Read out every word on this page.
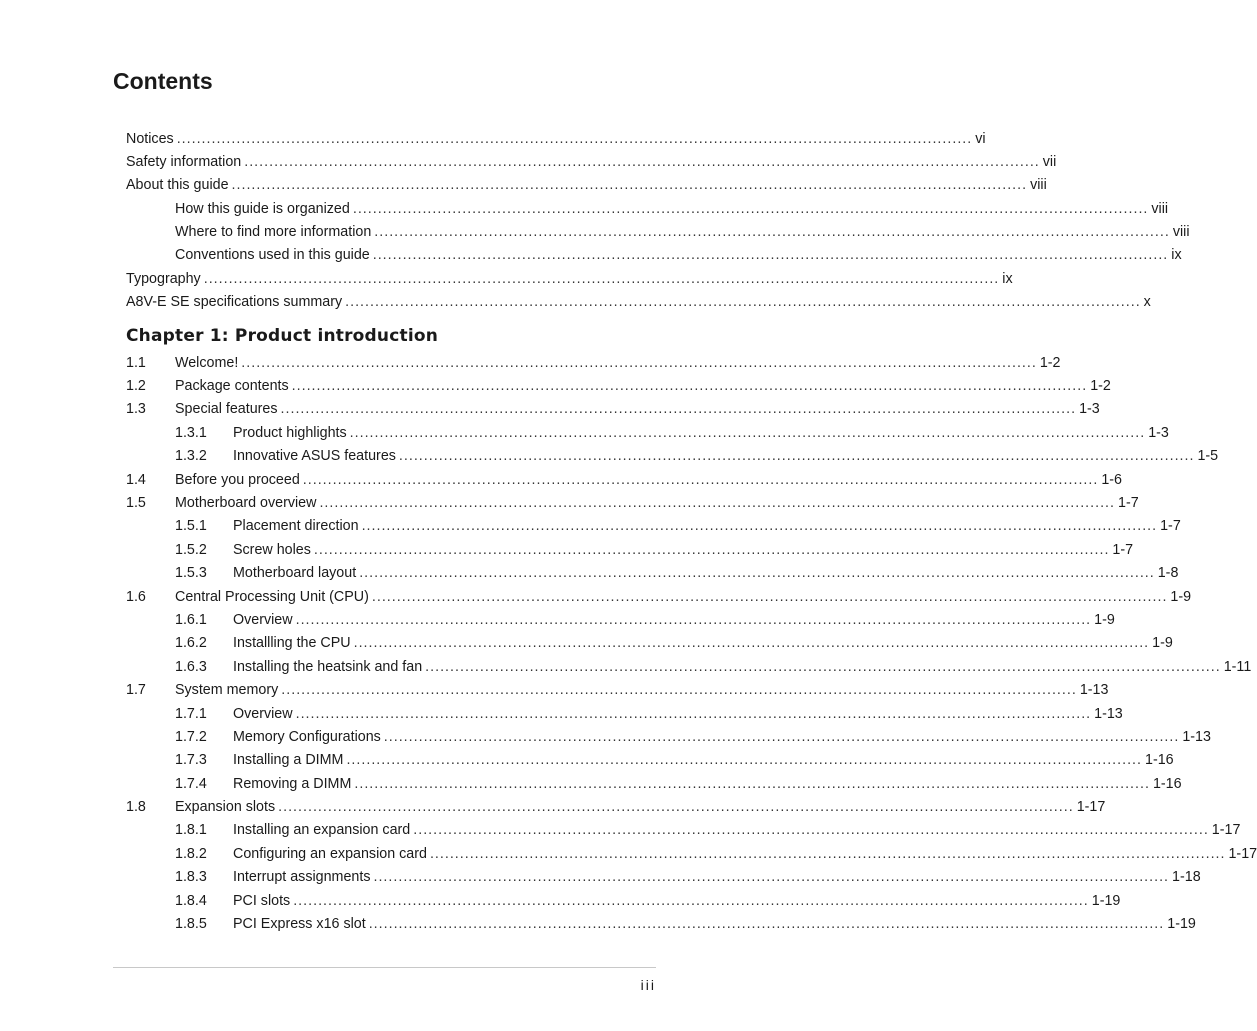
Contents
Notices ................................................................................................................................................................ vi
Safety information ................................................................................................................................................................ vii
About this guide ................................................................................................................................................................ viii
How this guide is organized ................................................................................................................................................................ viii
Where to find more information ................................................................................................................................................................ viii
Conventions used in this guide ................................................................................................................................................................ ix
Typography ................................................................................................................................................................ ix
A8V-E SE specifications summary ................................................................................................................................................................ x
Chapter 1: Product introduction
1.1 Welcome! ................................................................................................................................................................ 1-2
1.2 Package contents ................................................................................................................................................................ 1-2
1.3 Special features ................................................................................................................................................................ 1-3
1.3.1 Product highlights ................................................................................................................................................................ 1-3
1.3.2 Innovative ASUS features ................................................................................................................................................................ 1-5
1.4 Before you proceed ................................................................................................................................................................ 1-6
1.5 Motherboard overview ................................................................................................................................................................ 1-7
1.5.1 Placement direction ................................................................................................................................................................ 1-7
1.5.2 Screw holes ................................................................................................................................................................ 1-7
1.5.3 Motherboard layout ................................................................................................................................................................ 1-8
1.6 Central Processing Unit (CPU) ................................................................................................................................................................ 1-9
1.6.1 Overview ................................................................................................................................................................ 1-9
1.6.2 Installling the CPU ................................................................................................................................................................ 1-9
1.6.3 Installing the heatsink and fan ................................................................................................................................................................ 1-11
1.7 System memory ................................................................................................................................................................ 1-13
1.7.1 Overview ................................................................................................................................................................ 1-13
1.7.2 Memory Configurations ................................................................................................................................................................ 1-13
1.7.3 Installing a DIMM ................................................................................................................................................................ 1-16
1.7.4 Removing a DIMM ................................................................................................................................................................ 1-16
1.8 Expansion slots ................................................................................................................................................................ 1-17
1.8.1 Installing an expansion card ................................................................................................................................................................ 1-17
1.8.2 Configuring an expansion card ................................................................................................................................................................ 1-17
1.8.3 Interrupt assignments ................................................................................................................................................................ 1-18
1.8.4 PCI slots ................................................................................................................................................................ 1-19
1.8.5 PCI Express x16 slot ................................................................................................................................................................ 1-19
iii
